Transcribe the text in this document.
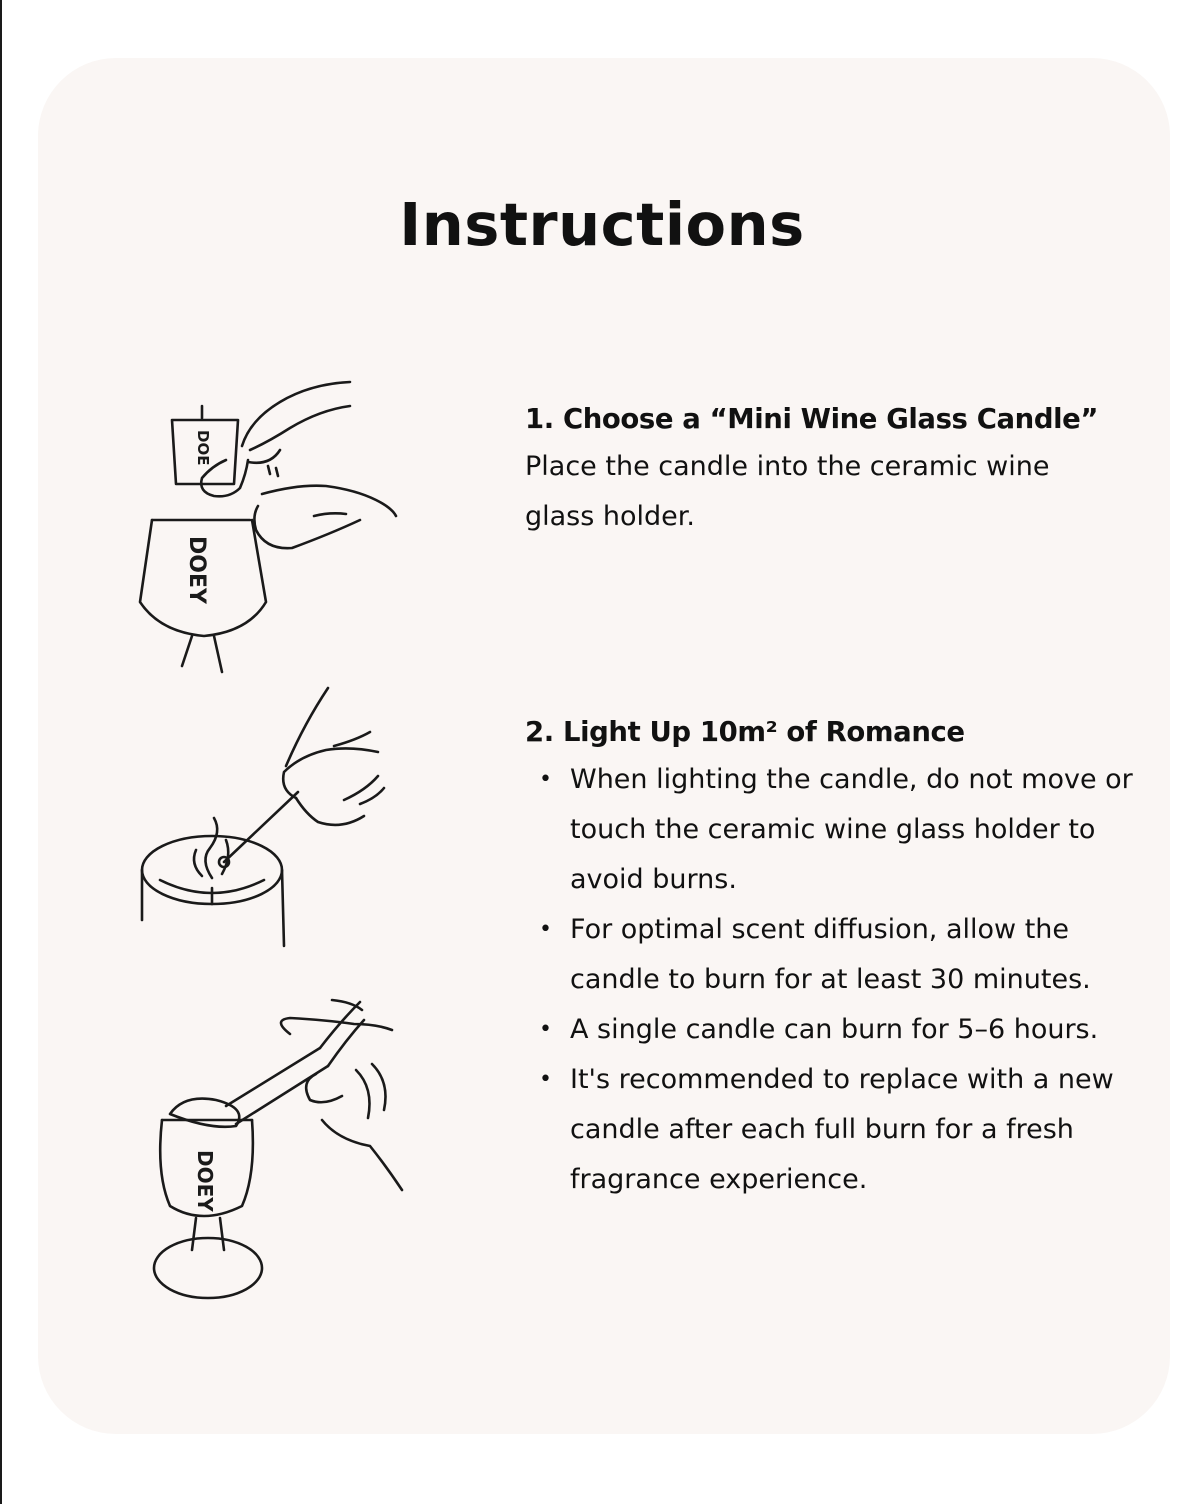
Instructions
DOE
DOEY
DOEY
1. Choose a “Mini Wine Glass Candle”

Place the candle into the ceramic wine glass holder.

2. Light Up 10m² of Romance
• When lighting the candle, do not move or touch the ceramic wine glass holder to avoid burns.
• For optimal scent diffusion, allow the candle to burn for at least 30 minutes.
• A single candle can burn for 5–6 hours.
• It's recommended to replace with a new candle after each full burn for a fresh fragrance experience.
